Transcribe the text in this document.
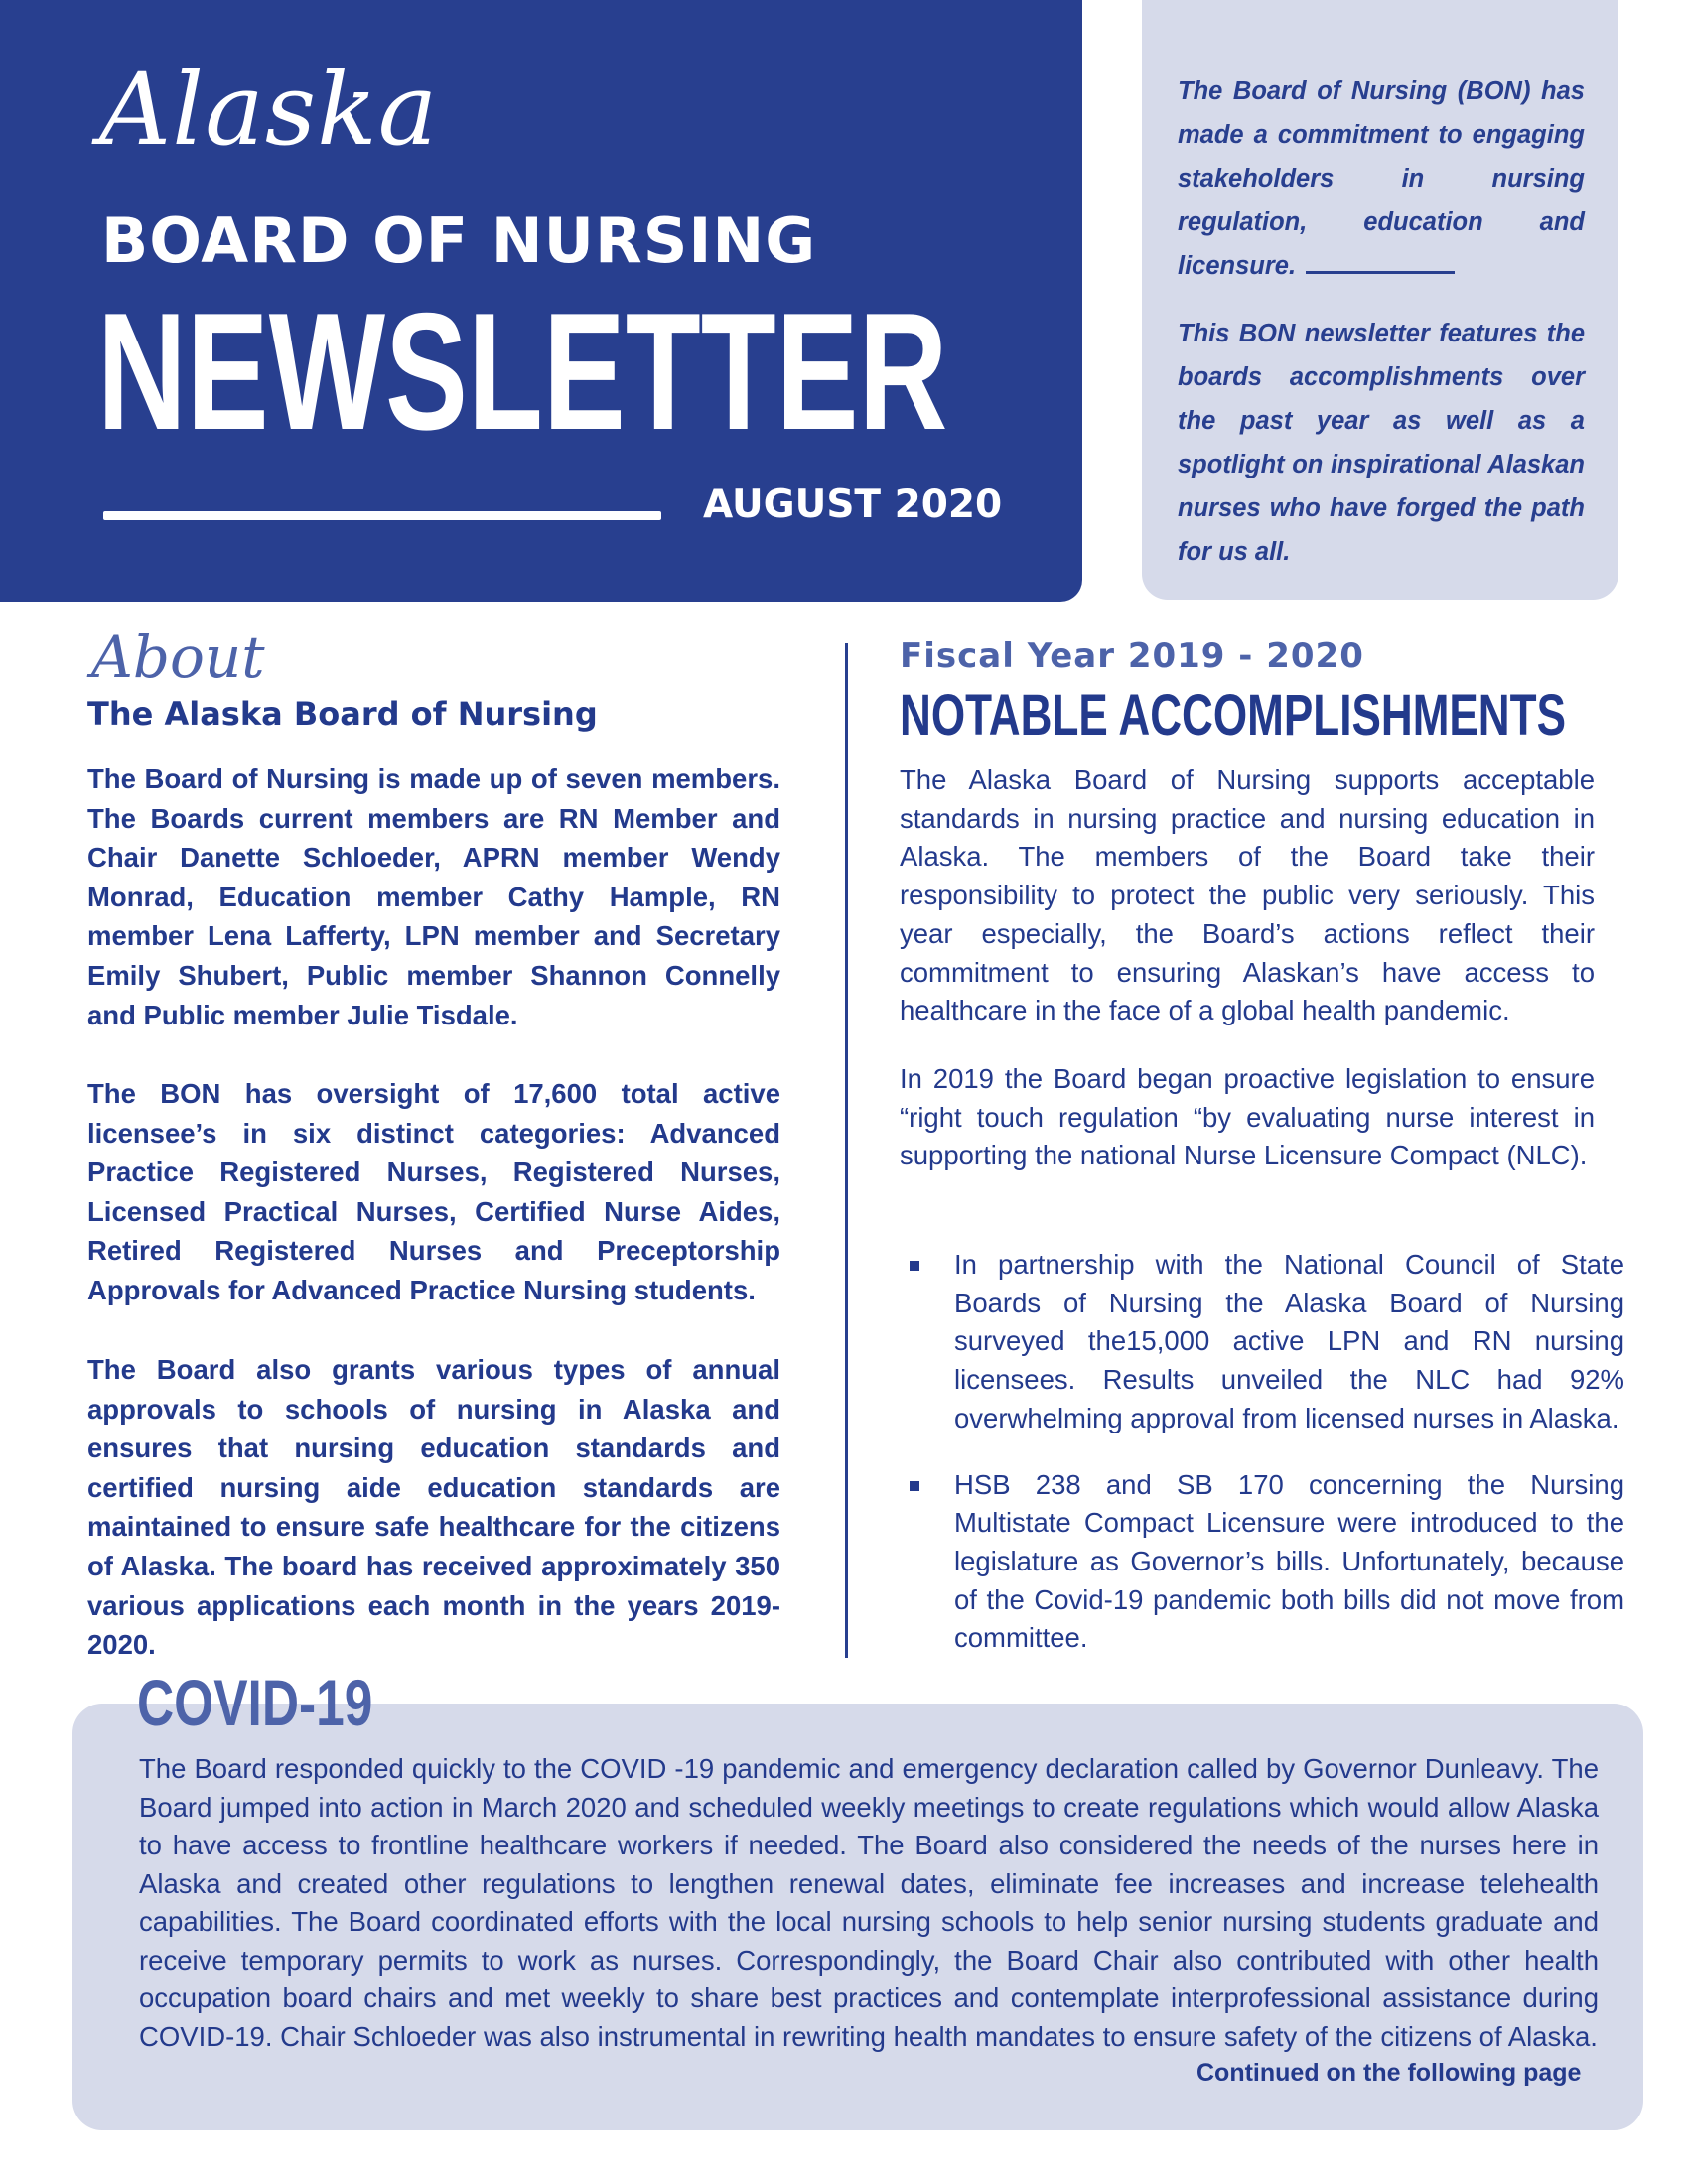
Alaska
BOARD OF NURSING
NEWSLETTER
AUGUST 2020

The Board of Nursing (BON) has made a commitment to engaging stakeholders in nursing regulation, education and licensure.

This BON newsletter features the boards accomplishments over the past year as well as a spotlight on inspirational Alaskan nurses who have forged the path for us all.

About
The Alaska Board of Nursing

The Board of Nursing is made up of seven members. The Boards current members are RN Member and Chair Danette Schloeder, APRN member Wendy Monrad, Education member Cathy Hample, RN member Lena Lafferty, LPN member and Secretary Emily Shubert, Public member Shannon Connelly and Public member Julie Tisdale.

The BON has oversight of 17,600 total active licensee’s in six distinct categories: Advanced Practice Registered Nurses, Registered Nurses, Licensed Practical Nurses, Certified Nurse Aides, Retired Registered Nurses and Preceptorship Approvals for Advanced Practice Nursing students.

The Board also grants various types of annual approvals to schools of nursing in Alaska and ensures that nursing education standards and certified nursing aide education standards are maintained to ensure safe healthcare for the citizens of Alaska. The board has received approximately 350 various applications each month in the years 2019-2020.

Fiscal Year 2019 - 2020
NOTABLE ACCOMPLISHMENTS

The Alaska Board of Nursing supports acceptable standards in nursing practice and nursing education in Alaska. The members of the Board take their responsibility to protect the public very seriously. This year especially, the Board’s actions reflect their commitment to ensuring Alaskan’s have access to healthcare in the face of a global health pandemic.

In 2019 the Board began proactive legislation to ensure “right touch regulation “by evaluating nurse interest in supporting the national Nurse Licensure Compact (NLC).

In partnership with the National Council of State Boards of Nursing the Alaska Board of Nursing surveyed the15,000 active LPN and RN nursing licensees. Results unveiled the NLC had 92% overwhelming approval from licensed nurses in Alaska.
HSB 238 and SB 170 concerning the Nursing Multistate Compact Licensure were introduced to the legislature as Governor’s bills. Unfortunately, because of the Covid-19 pandemic both bills did not move from committee.
COVID-19

The Board responded quickly to the COVID -19 pandemic and emergency declaration called by Governor Dunleavy. The Board jumped into action in March 2020 and scheduled weekly meetings to create regulations which would allow Alaska to have access to frontline healthcare workers if needed. The Board also considered the needs of the nurses here in Alaska and created other regulations to lengthen renewal dates, eliminate fee increases and increase telehealth capabilities. The Board coordinated efforts with the local nursing schools to help senior nursing students graduate and receive temporary permits to work as nurses. Correspondingly, the Board Chair also contributed with other health occupation board chairs and met weekly to share best practices and contemplate interprofessional assistance during COVID-19. Chair Schloeder was also instrumental in rewriting health mandates to ensure safety of the citizens of Alaska.

Continued on the following page
